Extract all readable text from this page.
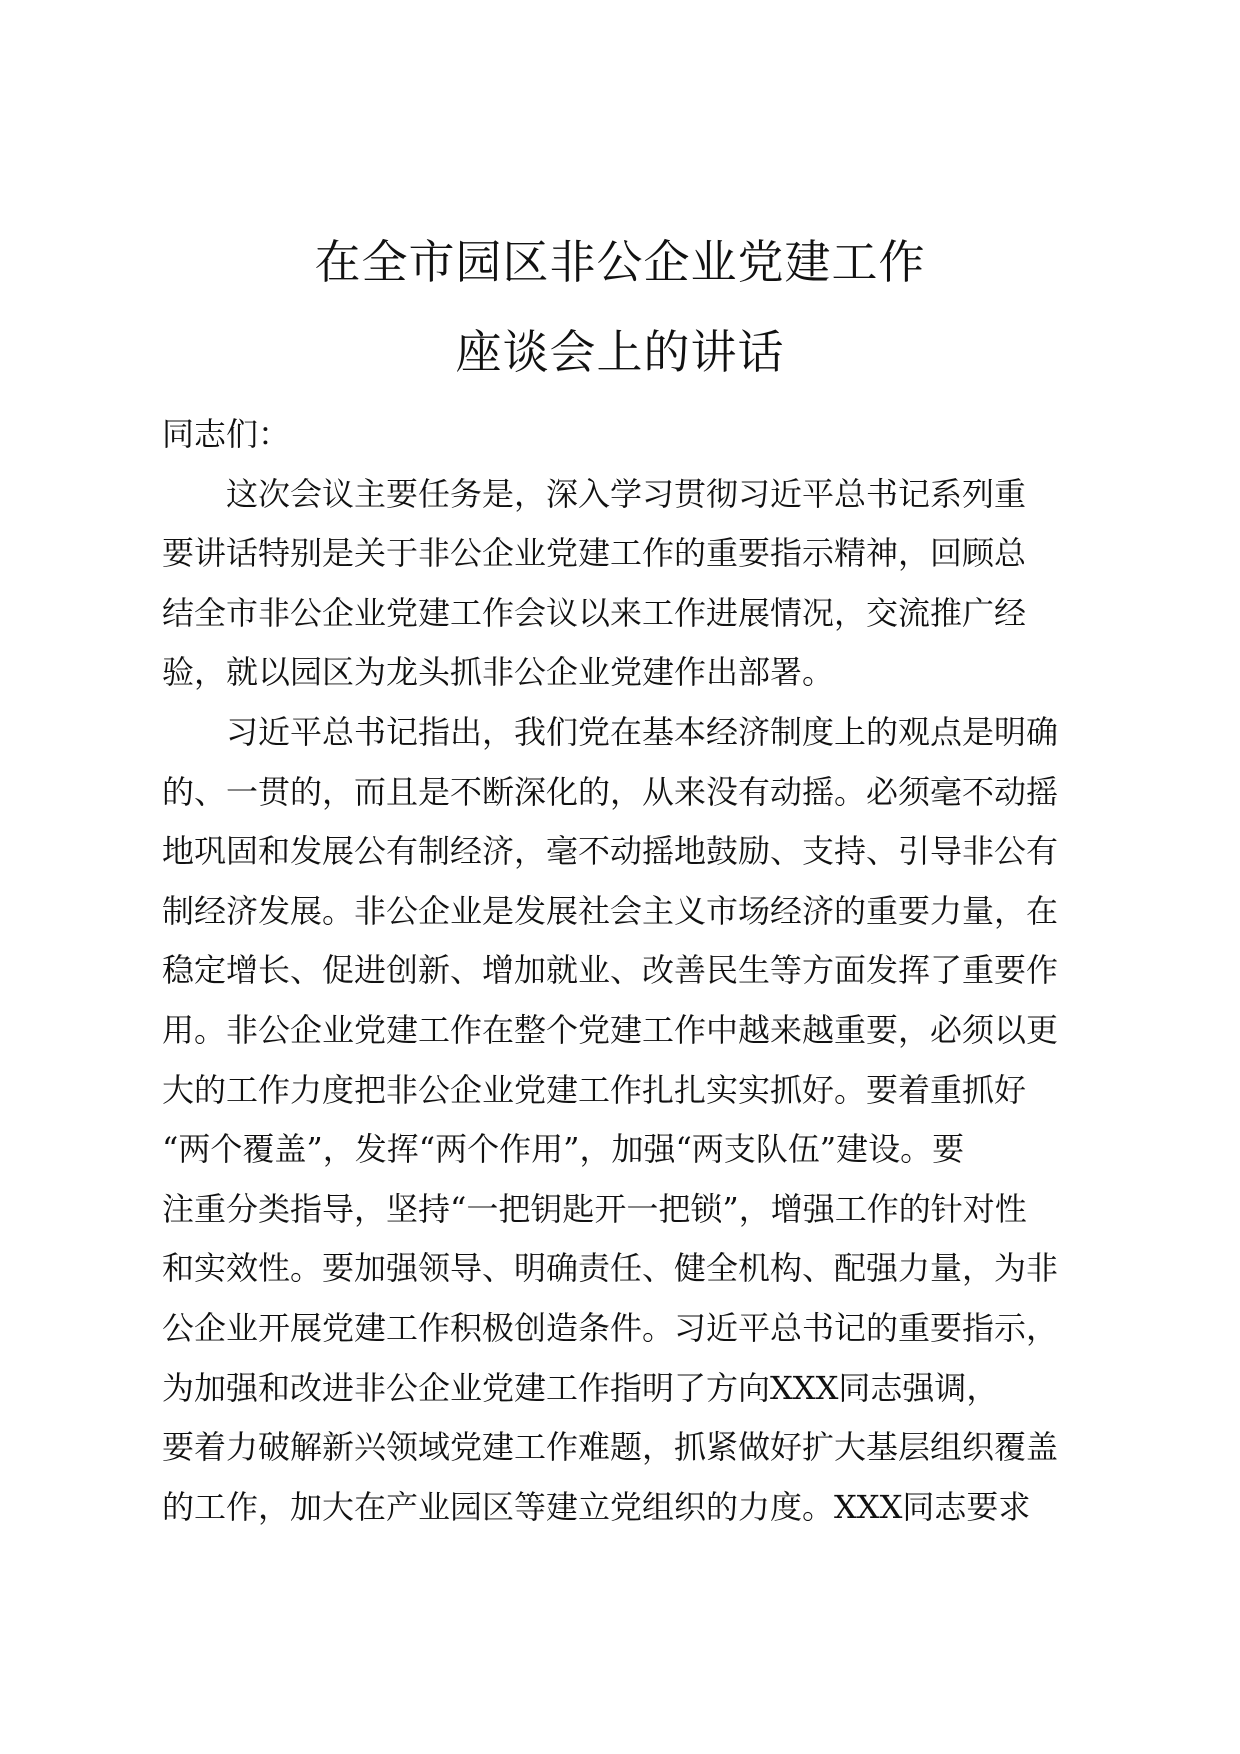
在全市园区非公企业党建工作
座谈会上的讲话
同志们：
　　这次会议主要任务是，深入学习贯彻习近平总书记系列重
要讲话特别是关于非公企业党建工作的重要指示精神，回顾总
结全市非公企业党建工作会议以来工作进展情况，交流推广经
验，就以园区为龙头抓非公企业党建作出部署。
　　习近平总书记指出，我们党在基本经济制度上的观点是明确
的、一贯的，而且是不断深化的，从来没有动摇。必须毫不动摇
地巩固和发展公有制经济，毫不动摇地鼓励、支持、引导非公有
制经济发展。非公企业是发展社会主义市场经济的重要力量，在
稳定增长、促进创新、增加就业、改善民生等方面发挥了重要作
用。非公企业党建工作在整个党建工作中越来越重要，必须以更
大的工作力度把非公企业党建工作扎扎实实抓好。要着重抓好
“两个覆盖”，发挥“两个作用”，加强“两支队伍”建设。要
注重分类指导，坚持“一把钥匙开一把锁”，增强工作的针对性
和实效性。要加强领导、明确责任、健全机构、配强力量，为非
公企业开展党建工作积极创造条件。习近平总书记的重要指示，
为加强和改进非公企业党建工作指明了方向XXX同志强调，
要着力破解新兴领域党建工作难题，抓紧做好扩大基层组织覆盖
的工作，加大在产业园区等建立党组织的力度。XXX同志要求
